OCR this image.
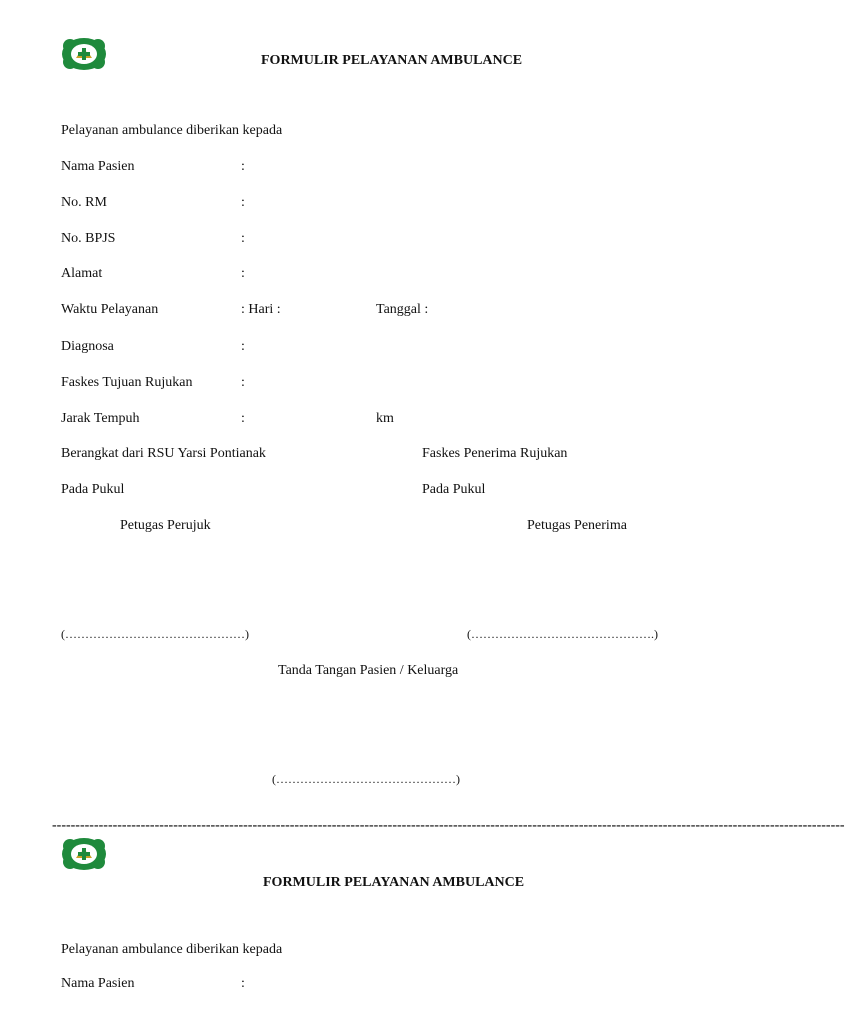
FORMULIR PELAYANAN AMBULANCE
Pelayanan ambulance diberikan kepada
Nama Pasien	:
No. RM	:
No. BPJS	:
Alamat	:
Waktu Pelayanan	: Hari :	Tanggal :
Diagnosa	:
Faskes Tujuan Rujukan	:
Jarak Tempuh	:	km
Berangkat dari RSU Yarsi Pontianak	Faskes Penerima Rujukan
Pada Pukul	Pada Pukul
Petugas Perujuk	Petugas Penerima
(………………………………………)	(……………………………………….)
Tanda Tangan Pasien / Keluarga
(………………………………………)
--------------------------------------------------------------------------------------------------------------------------------------------------------------------------
FORMULIR PELAYANAN AMBULANCE
Pelayanan ambulance diberikan kepada
Nama Pasien	:
